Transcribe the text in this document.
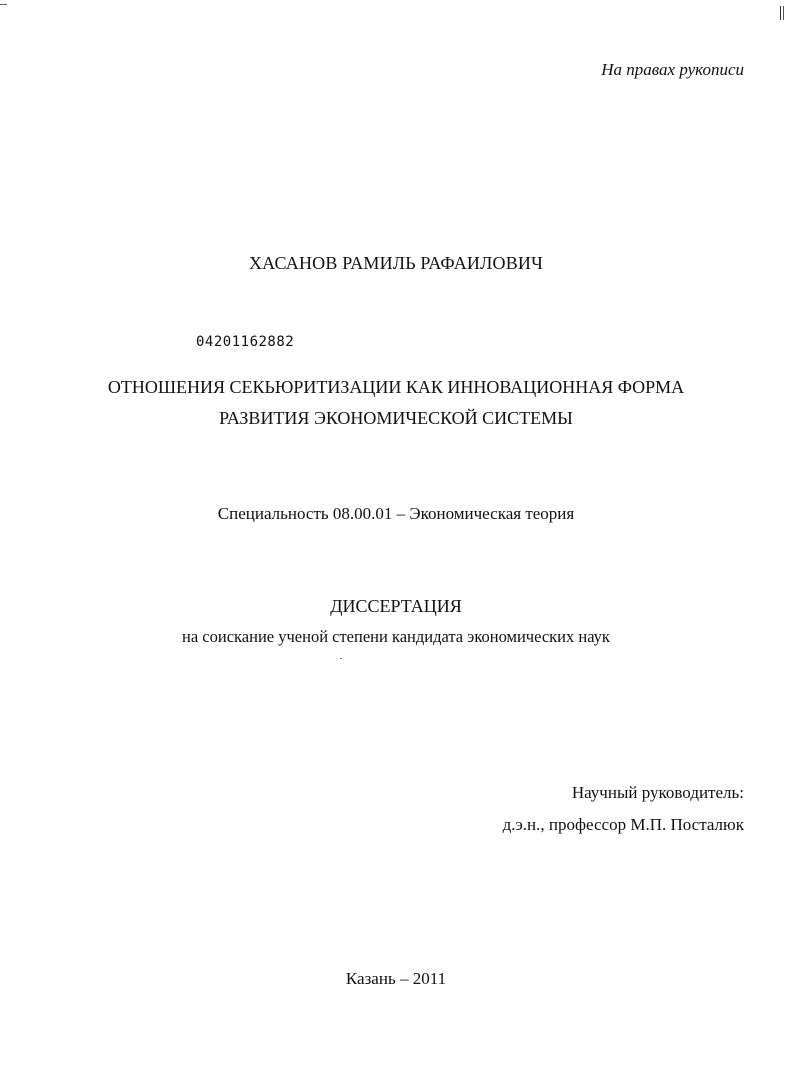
На правах рукописи
ХАСАНОВ РАМИЛЬ РАФАИЛОВИЧ
04201162882
ОТНОШЕНИЯ СЕКЬЮРИТИЗАЦИИ КАК ИННОВАЦИОННАЯ ФОРМА
РАЗВИТИЯ ЭКОНОМИЧЕСКОЙ СИСТЕМЫ
Специальность 08.00.01 – Экономическая теория
ДИССЕРТАЦИЯ
на соискание ученой степени кандидата экономических наук
Научный руководитель:
д.э.н., профессор М.П. Посталюк
Казань – 2011
